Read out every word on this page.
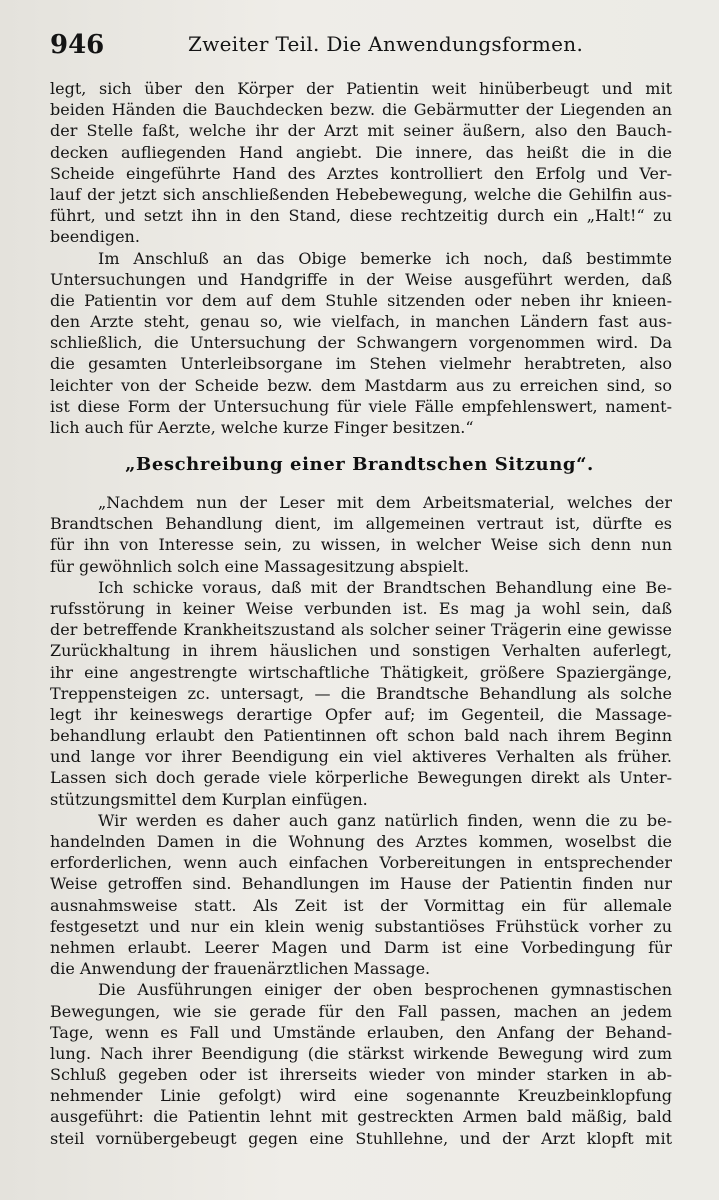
946	Zweiter Teil. Die Anwendungsformen.
legt, sich über den Körper der Patientin weit hinüberbeugt und mit
beiden Händen die Bauchdecken bezw. die Gebärmutter der Liegenden an
der Stelle faßt, welche ihr der Arzt mit seiner äußern, also den Bauch-
decken aufliegenden Hand angiebt. Die innere, das heißt die in die
Scheide eingeführte Hand des Arztes kontrolliert den Erfolg und Ver-
lauf der jetzt sich anschließenden Hebebewegung, welche die Gehilfin aus-
führt, und setzt ihn in den Stand, diese rechtzeitig durch ein „Halt!“ zu
beendigen.
Im Anschluß an das Obige bemerke ich noch, daß bestimmte
Untersuchungen und Handgriffe in der Weise ausgeführt werden, daß
die Patientin vor dem auf dem Stuhle sitzenden oder neben ihr knieen-
den Arzte steht, genau so, wie vielfach, in manchen Ländern fast aus-
schließlich, die Untersuchung der Schwangern vorgenommen wird. Da
die gesamten Unterleibsorgane im Stehen vielmehr herabtreten, also
leichter von der Scheide bezw. dem Mastdarm aus zu erreichen sind, so
ist diese Form der Untersuchung für viele Fälle empfehlenswert, nament-
lich auch für Aerzte, welche kurze Finger besitzen.“
„Beschreibung einer Brandtschen Sitzung“.
„Nachdem nun der Leser mit dem Arbeitsmaterial, welches der
Brandtschen Behandlung dient, im allgemeinen vertraut ist, dürfte es
für ihn von Interesse sein, zu wissen, in welcher Weise sich denn nun
für gewöhnlich solch eine Massagesitzung abspielt.
Ich schicke voraus, daß mit der Brandtschen Behandlung eine Be-
rufsstörung in keiner Weise verbunden ist. Es mag ja wohl sein, daß
der betreffende Krankheitszustand als solcher seiner Trägerin eine gewisse
Zurückhaltung in ihrem häuslichen und sonstigen Verhalten auferlegt,
ihr eine angestrengte wirtschaftliche Thätigkeit, größere Spaziergänge,
Treppensteigen zc. untersagt, — die Brandtsche Behandlung als solche
legt ihr keineswegs derartige Opfer auf; im Gegenteil, die Massage-
behandlung erlaubt den Patientinnen oft schon bald nach ihrem Beginn
und lange vor ihrer Beendigung ein viel aktiveres Verhalten als früher.
Lassen sich doch gerade viele körperliche Bewegungen direkt als Unter-
stützungsmittel dem Kurplan einfügen.
Wir werden es daher auch ganz natürlich finden, wenn die zu be-
handelnden Damen in die Wohnung des Arztes kommen, woselbst die
erforderlichen, wenn auch einfachen Vorbereitungen in entsprechender
Weise getroffen sind. Behandlungen im Hause der Patientin finden nur
ausnahmsweise statt. Als Zeit ist der Vormittag ein für allemale
festgesetzt und nur ein klein wenig substantiöses Frühstück vorher zu
nehmen erlaubt. Leerer Magen und Darm ist eine Vorbedingung für
die Anwendung der frauenärztlichen Massage.
Die Ausführungen einiger der oben besprochenen gymnastischen
Bewegungen, wie sie gerade für den Fall passen, machen an jedem
Tage, wenn es Fall und Umstände erlauben, den Anfang der Behand-
lung. Nach ihrer Beendigung (die stärkst wirkende Bewegung wird zum
Schluß gegeben oder ist ihrerseits wieder von minder starken in ab-
nehmender Linie gefolgt) wird eine sogenannte Kreuzbeinklopfung
ausgeführt: die Patientin lehnt mit gestreckten Armen bald mäßig, bald
steil vornübergebeugt gegen eine Stuhllehne, und der Arzt klopft mit
